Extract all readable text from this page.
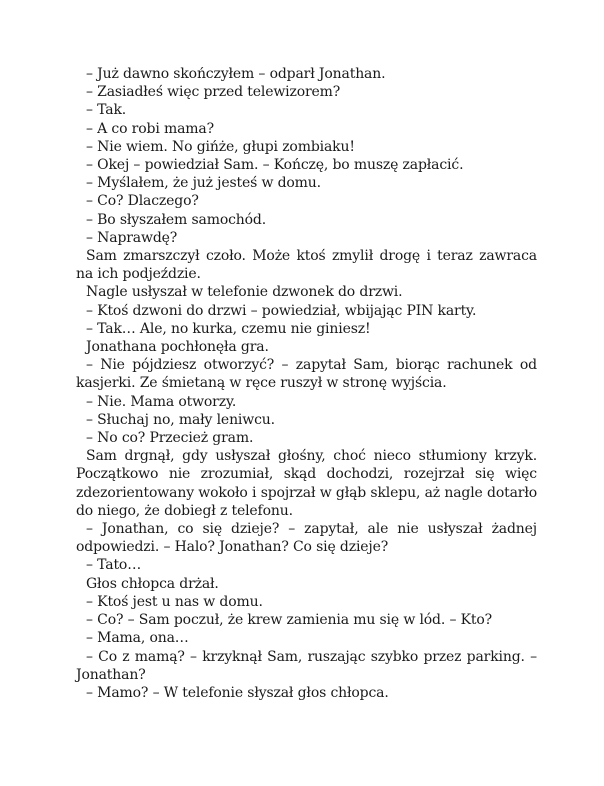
– Już dawno skończyłem – odparł Jonathan.

– Zasiadłeś więc przed telewizorem?

– Tak.

– A co robi mama?

– Nie wiem. No gińże, głupi zombiaku!

– Okej – powiedział Sam. – Kończę, bo muszę zapłacić.

– Myślałem, że już jesteś w domu.

– Co? Dlaczego?

– Bo słyszałem samochód.

– Naprawdę?

Sam zmarszczył czoło. Może ktoś zmylił drogę i teraz zawraca na ich podjeździe.

Nagle usłyszał w telefonie dzwonek do drzwi.

– Ktoś dzwoni do drzwi – powiedział, wbijając PIN karty.

– Tak… Ale, no kurka, czemu nie giniesz!

Jonathana pochłonęła gra.

– Nie pójdziesz otworzyć? – zapytał Sam, biorąc rachunek od kasjerki. Ze śmietaną w ręce ruszył w stronę wyjścia.

– Nie. Mama otworzy.

– Słuchaj no, mały leniwcu.

– No co? Przecież gram.

Sam drgnął, gdy usłyszał głośny, choć nieco stłumiony krzyk. Początkowo nie zrozumiał, skąd dochodzi, rozejrzał się więc zdezorientowany wokoło i spojrzał w głąb sklepu, aż nagle dotarło do niego, że dobiegł z telefonu.

– Jonathan, co się dzieje? – zapytał, ale nie usłyszał żadnej odpowiedzi. – Halo? Jonathan? Co się dzieje?

– Tato…

Głos chłopca drżał.

– Ktoś jest u nas w domu.

– Co? – Sam poczuł, że krew zamienia mu się w lód. – Kto?

– Mama, ona…

– Co z mamą? – krzyknął Sam, ruszając szybko przez parking. – Jonathan?

– Mamo? – W telefonie słyszał głos chłopca.
